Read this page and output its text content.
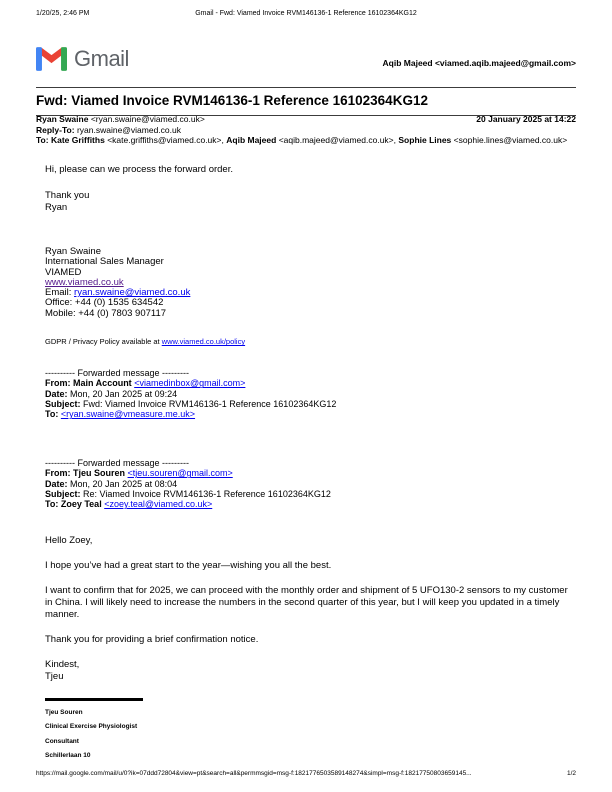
1/20/25, 2:46 PM	Gmail - Fwd: Viamed Invoice RVM146136-1 Reference 16102364KG12
Gmail	Aqib Majeed <viamed.aqib.majeed@gmail.com>
Fwd: Viamed Invoice RVM146136-1 Reference 16102364KG12
20 January 2025 at 14:22
Ryan Swaine <ryan.swaine@viamed.co.uk>
Reply-To: ryan.swaine@viamed.co.uk
To: Kate Griffiths <kate.griffiths@viamed.co.uk>, Aqib Majeed <aqib.majeed@viamed.co.uk>, Sophie Lines <sophie.lines@viamed.co.uk>
Hi, please can we process the forward order.
Thank you
Ryan
Ryan Swaine
International Sales Manager
VIAMED
www.viamed.co.uk
Email: ryan.swaine@viamed.co.uk
Office: +44 (0) 1535 634542
Mobile: +44 (0) 7803 907117
GDPR / Privacy Policy available at www.viamed.co.uk/policy
---------- Forwarded message ---------
From: Main Account <viamedinbox@gmail.com>
Date: Mon, 20 Jan 2025 at 09:24
Subject: Fwd: Viamed Invoice RVM146136-1 Reference 16102364KG12
To: <ryan.swaine@vmeasure.me.uk>
---------- Forwarded message ---------
From: Tjeu Souren <tjeu.souren@gmail.com>
Date: Mon, 20 Jan 2025 at 08:04
Subject: Re: Viamed Invoice RVM146136-1 Reference 16102364KG12
To: Zoey Teal <zoey.teal@viamed.co.uk>

Hello Zoey,

I hope you’ve had a great start to the year—wishing you all the best.

I want to confirm that for 2025, we can proceed with the monthly order and shipment of 5 UFO130-2 sensors to my customer in China. I will likely need to increase the numbers in the second quarter of this year, but I will keep you updated in a timely manner.

Thank you for providing a brief confirmation notice.

Kindest,
Tjeu

Tjeu Souren
Clinical Exercise Physiologist
Consultant
Schillerlaan 10
https://mail.google.com/mail/u/0?ik=07ddd72804&view=pt&search=all&permmsgid=msg-f:1821776503589148274&simpl=msg-f:18217750803659145...	1/2
